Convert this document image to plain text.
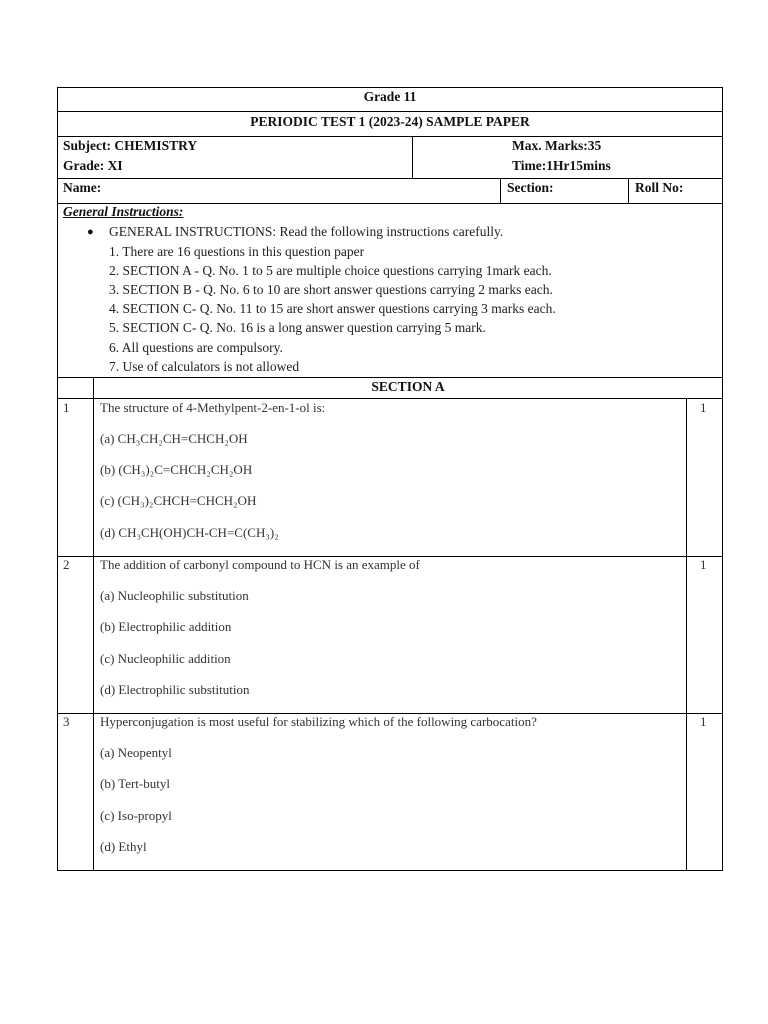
Grade 11
PERIODIC TEST 1 (2023-24) SAMPLE PAPER
Subject: CHEMISTRY
Grade: XI
Max. Marks:35
Time:1Hr15mins
Name:	Section:	Roll No:
General Instructions:
● GENERAL INSTRUCTIONS: Read the following instructions carefully.
1. There are 16 questions in this question paper
2. SECTION A - Q. No. 1 to 5 are multiple choice questions carrying 1mark each.
3. SECTION B - Q. No. 6 to 10 are short answer questions carrying 2 marks each.
4. SECTION C- Q. No. 11 to 15 are short answer questions carrying 3 marks each.
5. SECTION C- Q. No. 16 is a long answer question carrying 5 mark.
6. All questions are compulsory.
7. Use of calculators is not allowed
SECTION A
1 The structure of 4-Methylpent-2-en-1-ol is:	1
(a) CH₃CH₂CH=CHCH₂OH
(b) (CH₃)₂C=CHCH₂CH₂OH
(c) (CH₃)₂CHCH=CHCH₂OH
(d) CH₃CH(OH)CH-CH=C(CH₃)₂
2 The addition of carbonyl compound to HCN is an example of	1
(a) Nucleophilic substitution
(b) Electrophilic addition
(c) Nucleophilic addition
(d) Electrophilic substitution
3 Hyperconjugation is most useful for stabilizing which of the following carbocation?	1
(a) Neopentyl
(b) Tert-butyl
(c) Iso-propyl
(d) Ethyl
